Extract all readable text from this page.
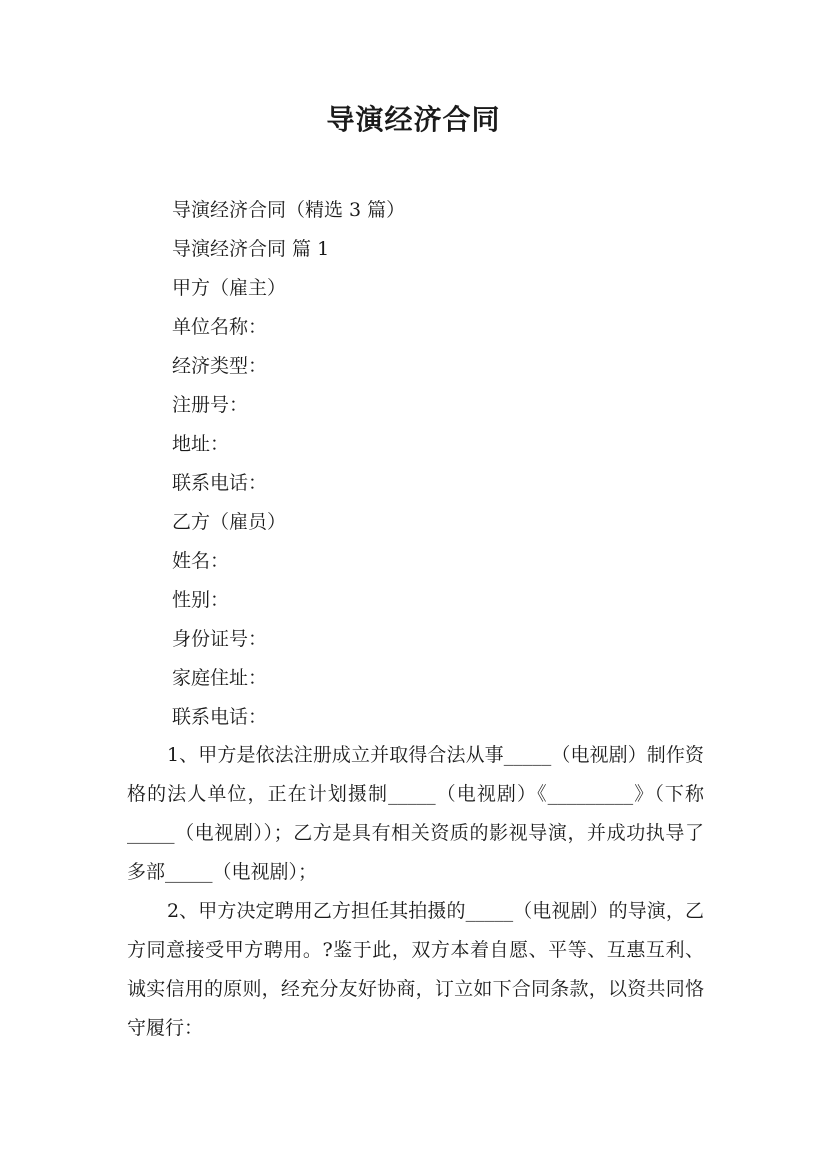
导演经济合同
导演经济合同（精选 3 篇）
导演经济合同 篇 1
甲方（雇主）
单位名称：
经济类型：
注册号：
地址：
联系电话：
乙方（雇员）
姓名：
性别：
身份证号：
家庭住址：
联系电话：
1、甲方是依法注册成立并取得合法从事_____（电视剧）制作资格的法人单位，正在计划摄制_____（电视剧）《_________》（下称_____（电视剧））；乙方是具有相关资质的影视导演，并成功执导了多部_____（电视剧）；
2、甲方决定聘用乙方担任其拍摄的_____（电视剧）的导演，乙方同意接受甲方聘用。?鉴于此，双方本着自愿、平等、互惠互利、诚实信用的原则，经充分友好协商，订立如下合同条款，以资共同恪守履行：
